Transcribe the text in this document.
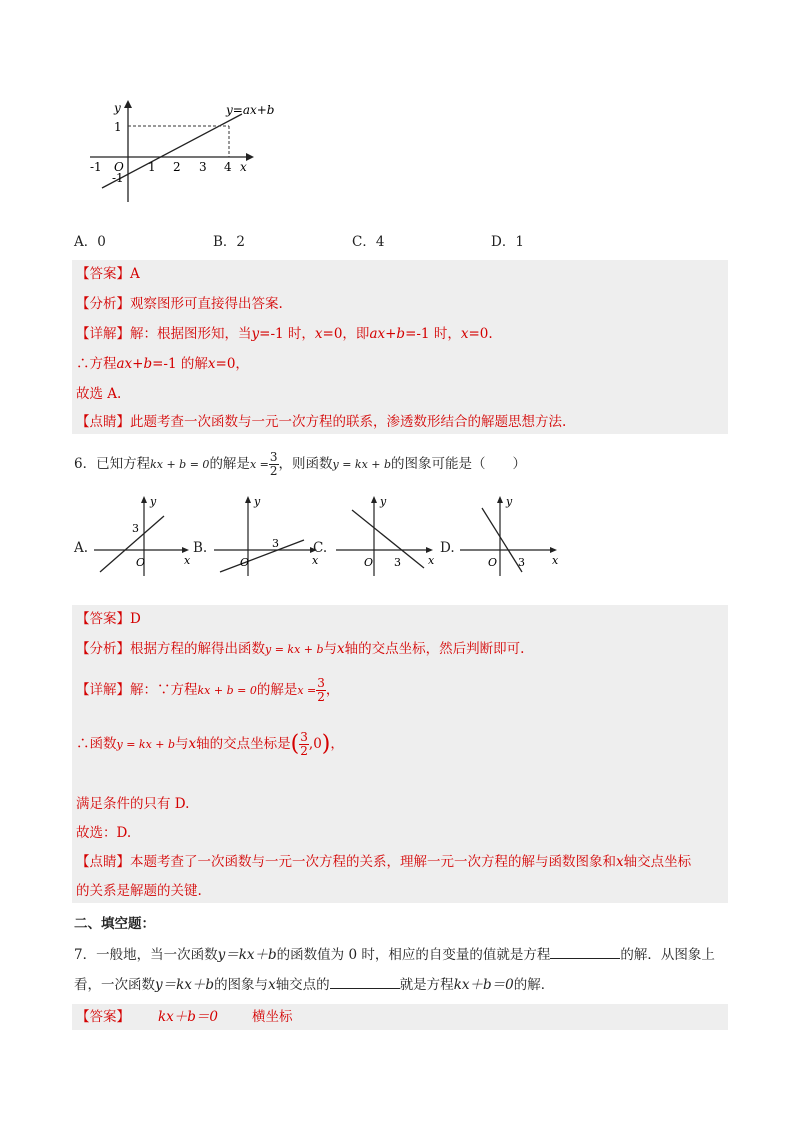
y	y=ax+b
1
-1 O 1 2 3 4 x
-1
A．0	B．2	C．4	D．1
【答案】A
【分析】观察图形可直接得出答案.
【详解】解：根据图形知，当y=-1 时，x=0，即ax+b=-1 时，x=0.
∴方程ax+b=-1 的解x=0，
故选 A.
【点睛】此题考查一次函数与一元一次方程的联系，渗透数形结合的解题思想方法.
6．已知方程kx + b = 0的解是$x = \frac{3}{2}$ ，则函数y = kx + b的图象可能是（　　）
A.
y
3
O	x
B.
y
3
O	x
C.
y
3
O	x
D.
y
3
O	x
【答案】D
【分析】根据方程的解得出函数y = kx + b与x轴的交点坐标，然后判断即可.
【详解】解：∵方程kx + b = 0的解是$x = \frac{3}{2}$ ，
∴函数y = kx + b与x轴的交点坐标是( $\frac{3}{2} ,0$)，
满足条件的只有 D.
故选：D.
【点睛】本题考查了一次函数与一元一次方程的关系，理解一元一次方程的解与函数图象和x轴交点坐标
的关系是解题的关键.
二、填空题：
7．一般地，当一次函数y＝kx＋b的函数值为 0 时，相应的自变量的值就是方程	的解．从图象上
看，一次函数y＝kx＋b的图象与x轴交点的	就是方程kx＋b＝0的解．
【答案】 kx＋b＝0	横坐标
